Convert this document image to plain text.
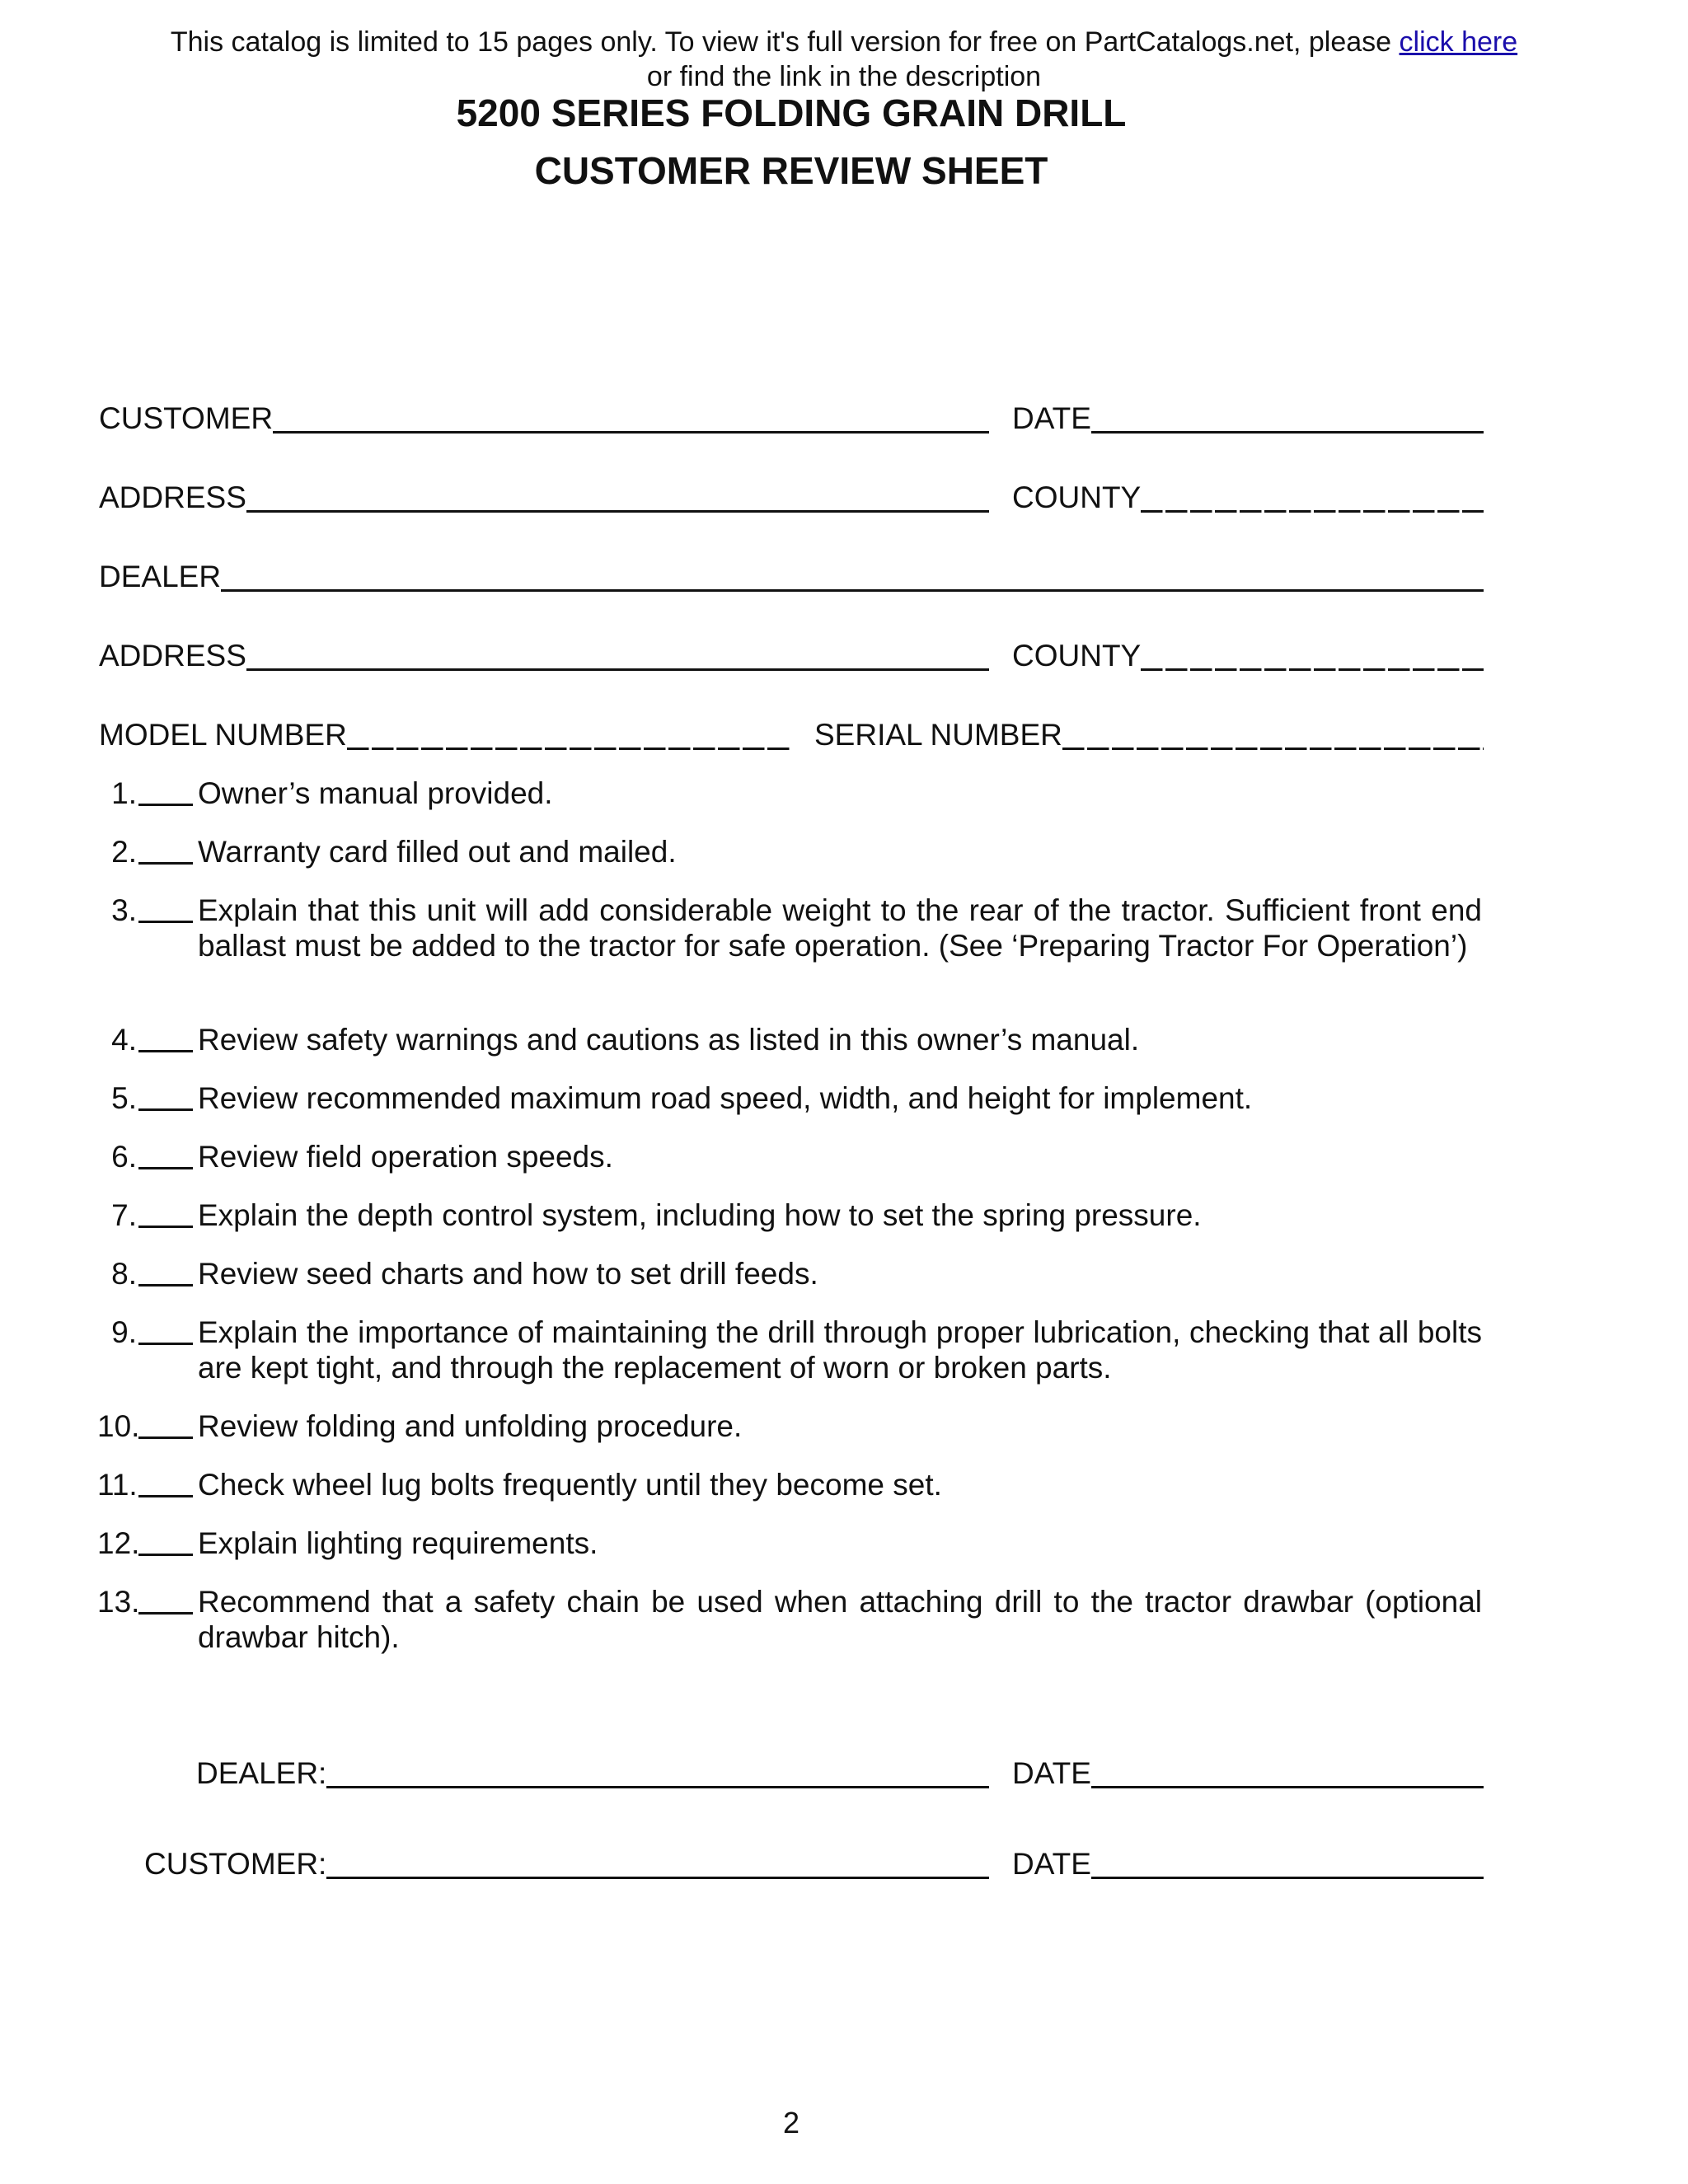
This catalog is limited to 15 pages only. To view it's full version for free on PartCatalogs.net, please click here
or find the link in the description
5200 SERIES FOLDING GRAIN DRILL
CUSTOMER REVIEW SHEET
CUSTOMER	DATE
ADDRESS	COUNTY
DEALER
ADDRESS	COUNTY
MODEL NUMBER	SERIAL NUMBER
1. Owner’s manual provided.
2. Warranty card filled out and mailed.
3. Explain that this unit will add considerable weight to the rear of the tractor. Sufficient front end ballast must be added to the tractor for safe operation. (See ‘Preparing Tractor For Operation’)
4. Review safety warnings and cautions as listed in this owner’s manual.
5. Review recommended maximum road speed, width, and height for implement.
6. Review field operation speeds.
7. Explain the depth control system, including how to set the spring pressure.
8. Review seed charts and how to set drill feeds.
9. Explain the importance of maintaining the drill through proper lubrication, checking that all bolts are kept tight, and through the replacement of worn or broken parts.
10. Review folding and unfolding procedure.
11. Check wheel lug bolts frequently until they become set.
12. Explain lighting requirements.
13. Recommend that a safety chain be used when attaching drill to the tractor drawbar (optional drawbar hitch).
DEALER:	DATE
CUSTOMER:	DATE
2
